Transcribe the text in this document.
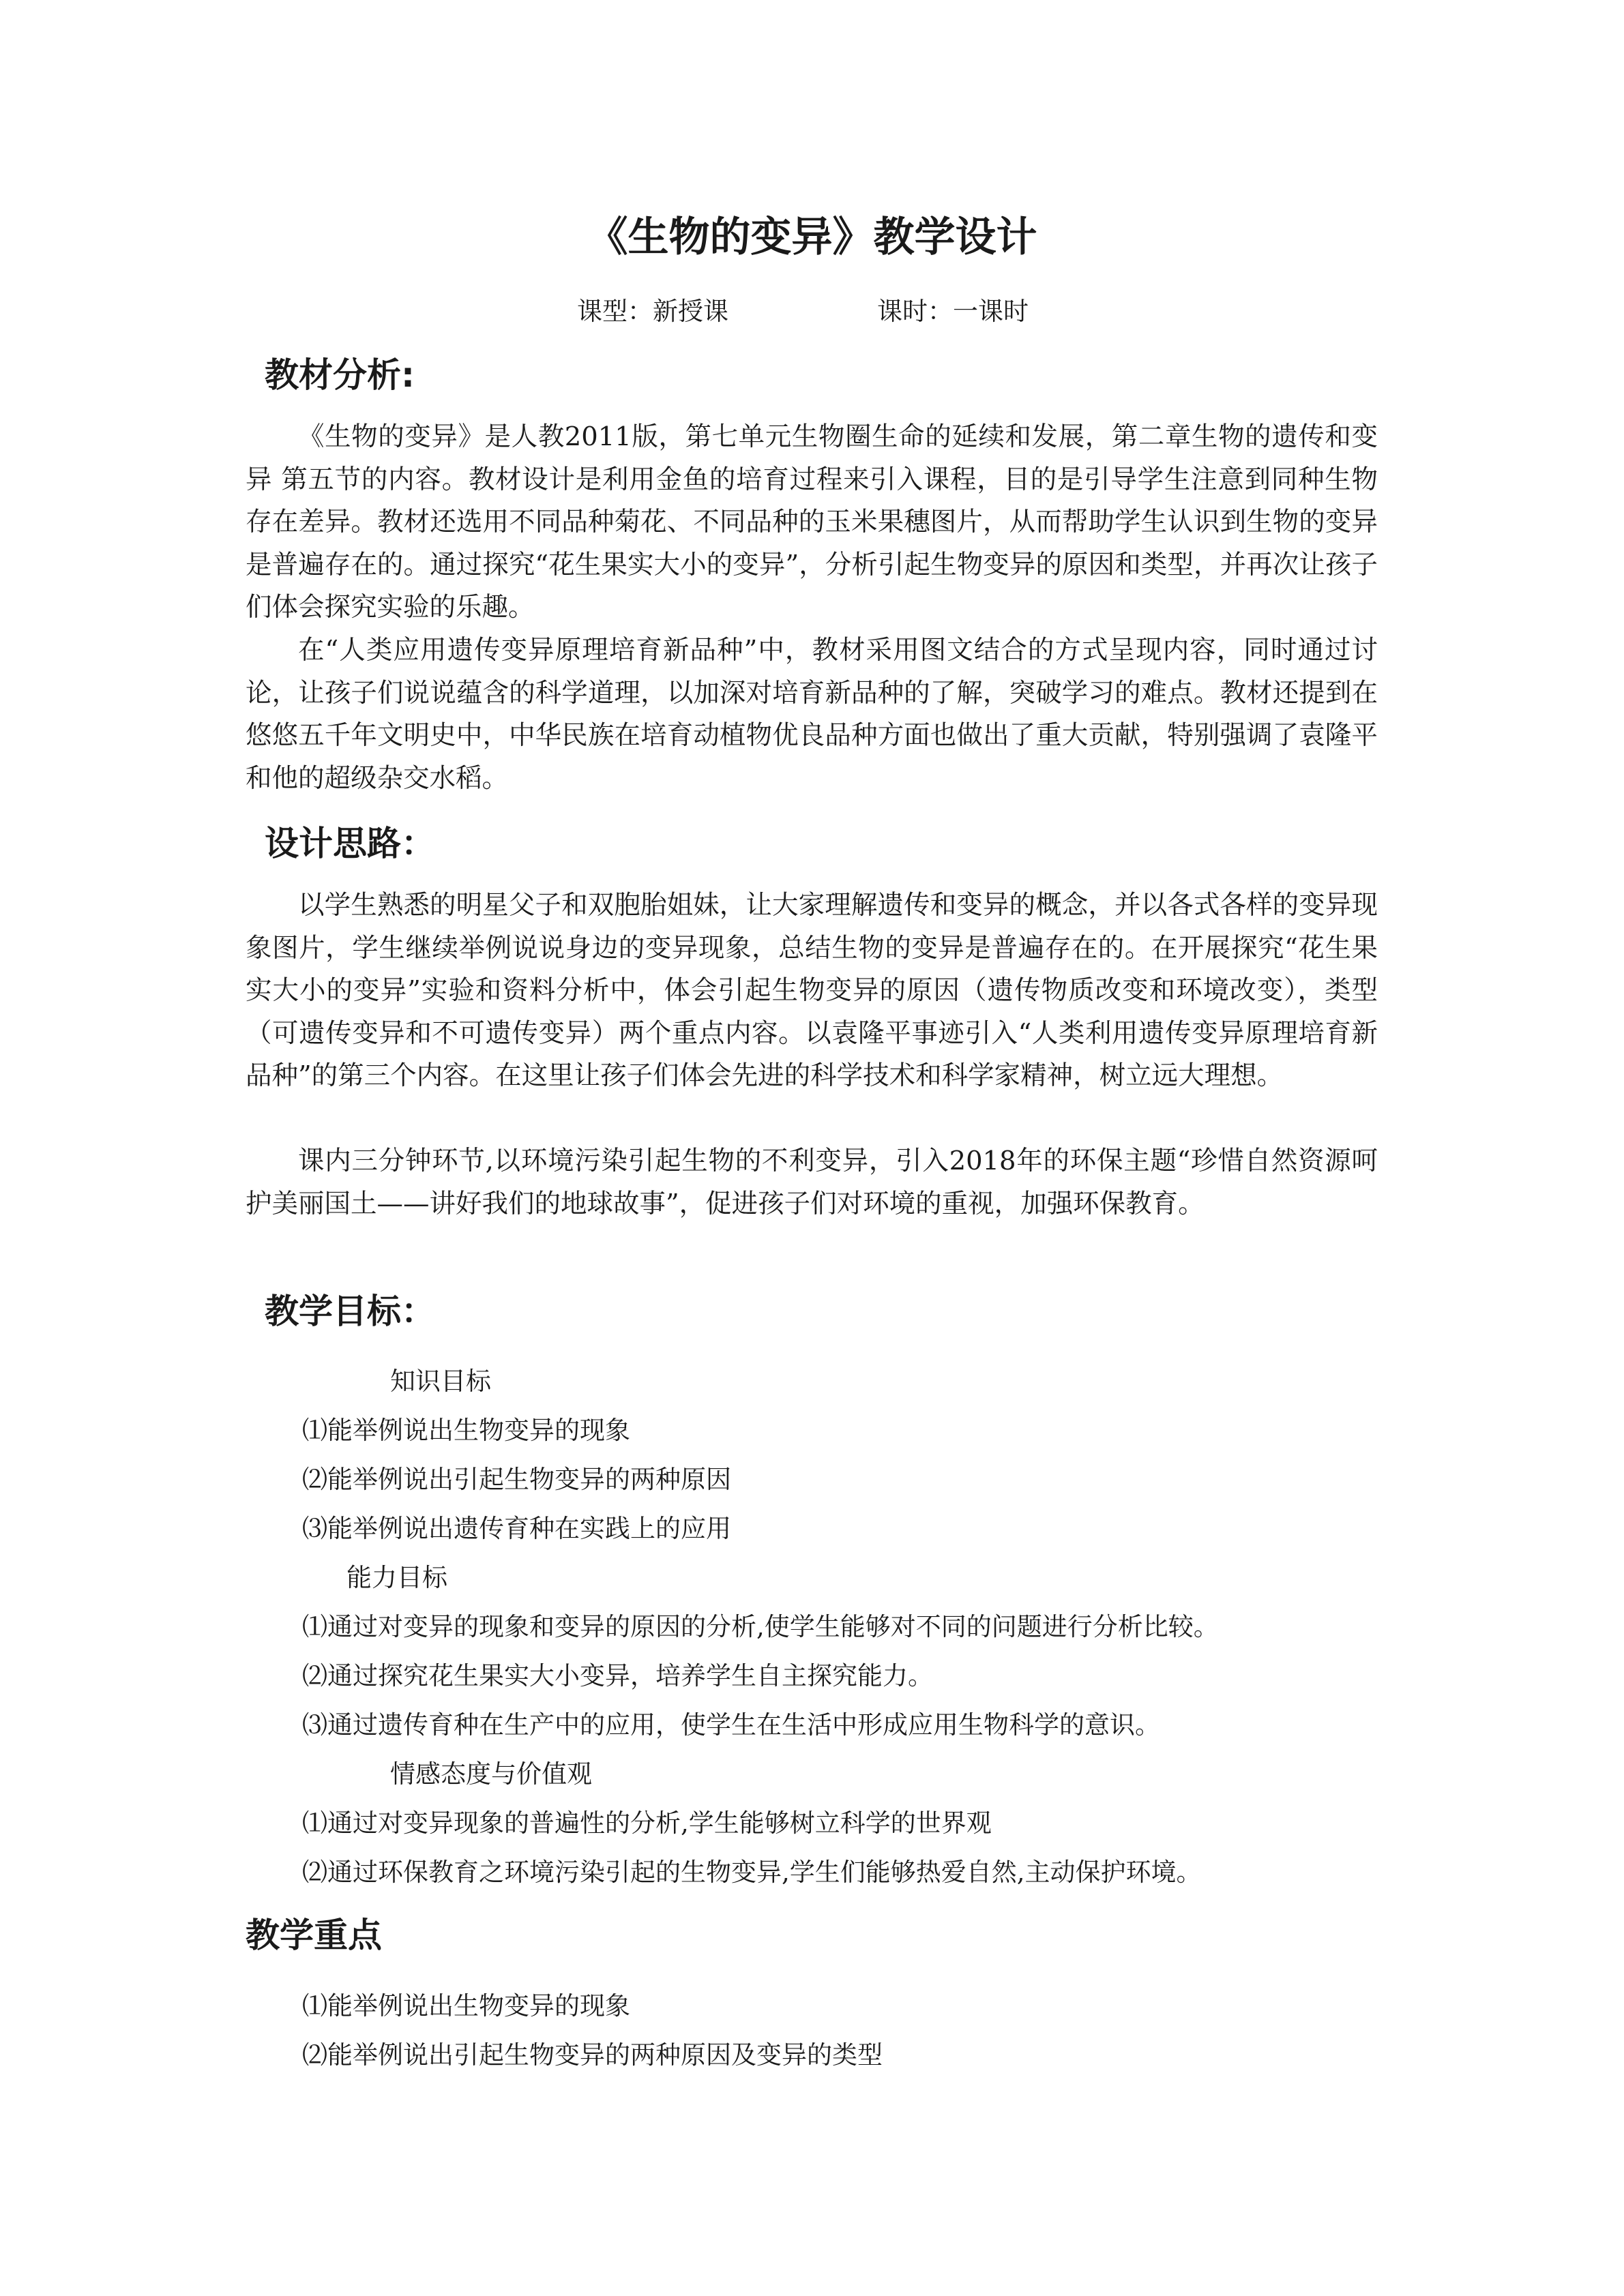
《生物的变异》教学设计
课型：新授课	课时：一课时
教材分析:

《生物的变异》是人教2011版，第七单元生物圈生命的延续和发展，第二章生物的遗传和变异 第五节的内容。教材设计是利用金鱼的培育过程来引入课程，目的是引导学生注意到同种生物存在差异。教材还选用不同品种菊花、不同品种的玉米果穗图片，从而帮助学生认识到生物的变异是普遍存在的。通过探究“花生果实大小的变异”，分析引起生物变异的原因和类型，并再次让孩子们体会探究实验的乐趣。

在“人类应用遗传变异原理培育新品种”中，教材采用图文结合的方式呈现内容，同时通过讨论，让孩子们说说蕴含的科学道理，以加深对培育新品种的了解，突破学习的难点。教材还提到在悠悠五千年文明史中，中华民族在培育动植物优良品种方面也做出了重大贡献，特别强调了袁隆平和他的超级杂交水稻。

设计思路：

以学生熟悉的明星父子和双胞胎姐妹，让大家理解遗传和变异的概念，并以各式各样的变异现象图片，学生继续举例说说身边的变异现象，总结生物的变异是普遍存在的。在开展探究“花生果实大小的变异”实验和资料分析中，体会引起生物变异的原因（遗传物质改变和环境改变），类型（可遗传变异和不可遗传变异）两个重点内容。以袁隆平事迹引入“人类利用遗传变异原理培育新品种”的第三个内容。在这里让孩子们体会先进的科学技术和科学家精神，树立远大理想。

课内三分钟环节,以环境污染引起生物的不利变异，引入2018年的环保主题“珍惜自然资源呵护美丽国土——讲好我们的地球故事”，促进孩子们对环境的重视，加强环保教育。

教学目标：
知识目标
⑴能举例说出生物变异的现象
⑵能举例说出引起生物变异的两种原因
⑶能举例说出遗传育种在实践上的应用
能力目标
⑴通过对变异的现象和变异的原因的分析,使学生能够对不同的问题进行分析比较。
⑵通过探究花生果实大小变异，培养学生自主探究能力。
⑶通过遗传育种在生产中的应用，使学生在生活中形成应用生物科学的意识。
情感态度与价值观
⑴通过对变异现象的普遍性的分析,学生能够树立科学的世界观
⑵通过环保教育之环境污染引起的生物变异,学生们能够热爱自然,主动保护环境。
教学重点
⑴能举例说出生物变异的现象
⑵能举例说出引起生物变异的两种原因及变异的类型
